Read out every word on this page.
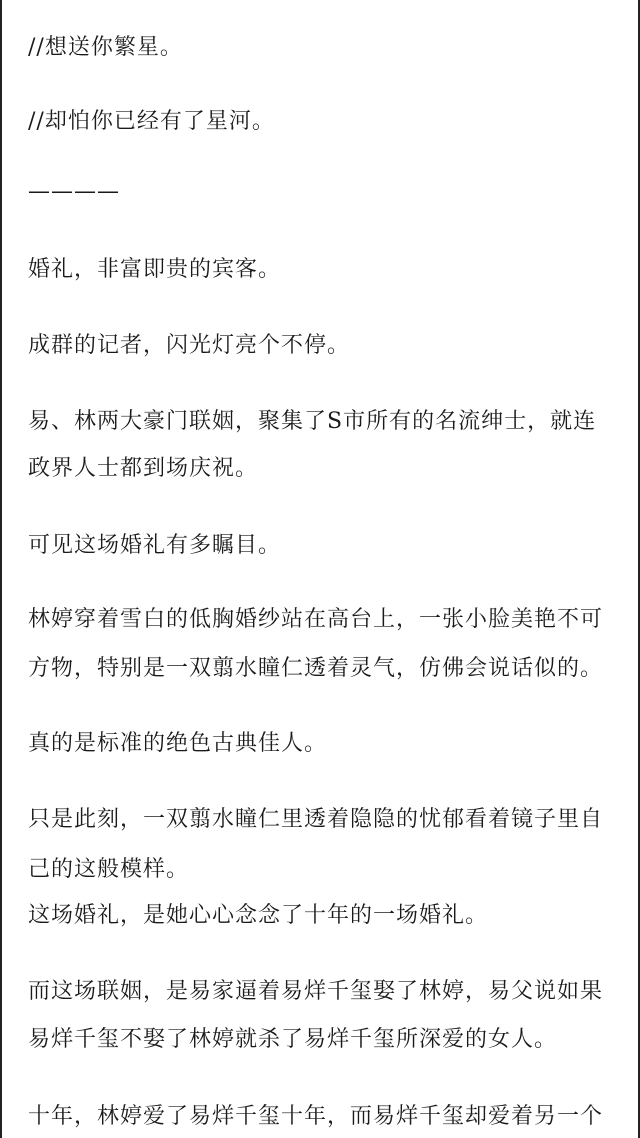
//想送你繁星。

//却怕你已经有了星河。

————

婚礼，非富即贵的宾客。

成群的记者，闪光灯亮个不停。

易、林两大豪门联姻，聚集了S市所有的名流绅士，就连

政界人士都到场庆祝。

可见这场婚礼有多瞩目。

林婷穿着雪白的低胸婚纱站在高台上，一张小脸美艳不可

方物，特别是一双翦水瞳仁透着灵气，仿佛会说话似的。

真的是标准的绝色古典佳人。

只是此刻，一双翦水瞳仁里透着隐隐的忧郁看着镜子里自

己的这般模样。

这场婚礼，是她心心念念了十年的一场婚礼。

而这场联姻，是易家逼着易烊千玺娶了林婷，易父说如果

易烊千玺不娶了林婷就杀了易烊千玺所深爱的女人。

十年，林婷爱了易烊千玺十年，而易烊千玺却爱着另一个
